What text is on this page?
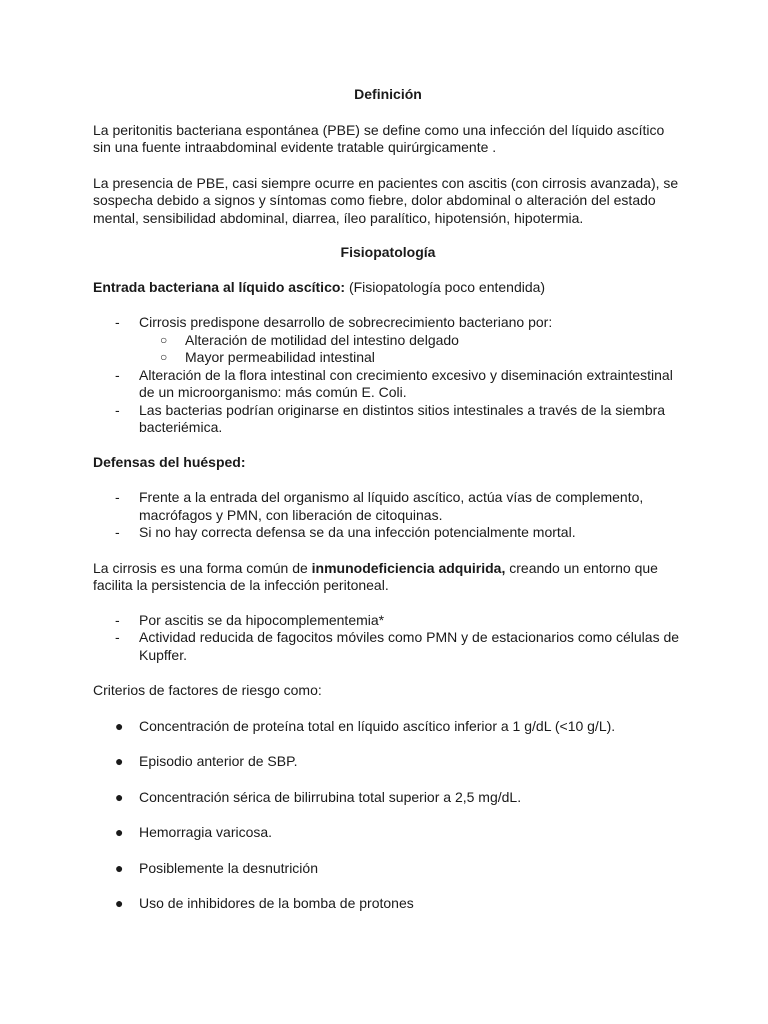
Definición

La peritonitis bacteriana espontánea (PBE) se define como una infección del líquido ascítico sin una fuente intraabdominal evidente tratable quirúrgicamente .

La presencia de PBE, casi siempre ocurre en pacientes con ascitis (con cirrosis avanzada), se sospecha debido a signos y síntomas como fiebre, dolor abdominal o alteración del estado mental, sensibilidad abdominal, diarrea, íleo paralítico, hipotensión, hipotermia.

Fisiopatología

Entrada bacteriana al líquido ascítico: (Fisiopatología poco entendida)

- Cirrosis predispone desarrollo de sobrecrecimiento bacteriano por:
○ Alteración de motilidad del intestino delgado
○ Mayor permeabilidad intestinal
- Alteración de la flora intestinal con crecimiento excesivo y diseminación extraintestinal de un microorganismo: más común E. Coli.
- Las bacterias podrían originarse en distintos sitios intestinales a través de la siembra bacteriémica.

Defensas del huésped:

- Frente a la entrada del organismo al líquido ascítico, actúa vías de complemento, macrófagos y PMN, con liberación de citoquinas.
- Si no hay correcta defensa se da una infección potencialmente mortal.

La cirrosis es una forma común de inmunodeficiencia adquirida, creando un entorno que facilita la persistencia de la infección peritoneal.

- Por ascitis se da hipocomplementemia*
- Actividad reducida de fagocitos móviles como PMN y de estacionarios como células de Kupffer.

Criterios de factores de riesgo como:

● Concentración de proteína total en líquido ascítico inferior a 1 g/dL (<10 g/L).
● Episodio anterior de SBP.
● Concentración sérica de bilirrubina total superior a 2,5 mg/dL.
● Hemorragia varicosa.
● Posiblemente la desnutrición
● Uso de inhibidores de la bomba de protones
